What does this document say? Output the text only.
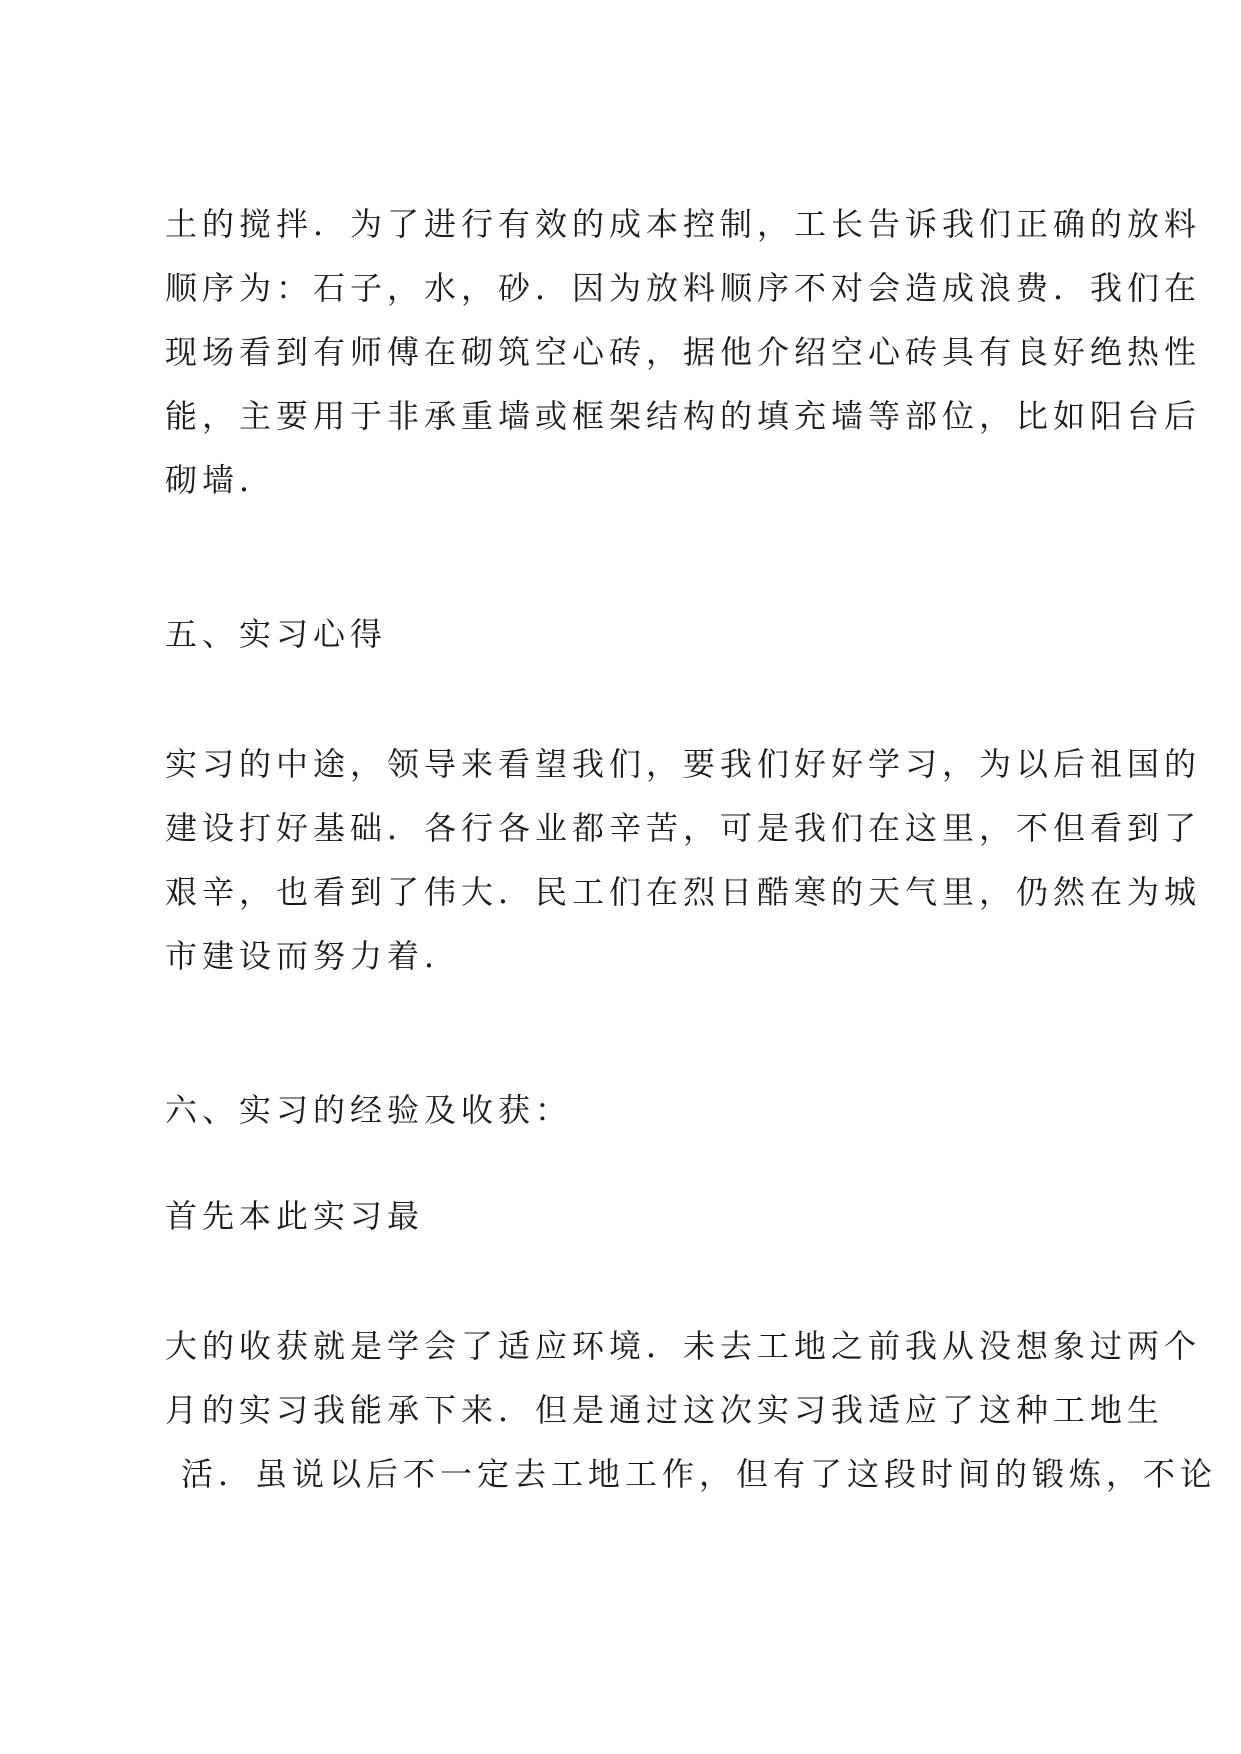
土的搅拌．为了进行有效的成本控制，工长告诉我们正确的放料
顺序为：石子，水，砂．因为放料顺序不对会造成浪费．我们在
现场看到有师傅在砌筑空心砖，据他介绍空心砖具有良好绝热性
能，主要用于非承重墙或框架结构的填充墙等部位，比如阳台后
砌墙．
五、实习心得
实习的中途，领导来看望我们，要我们好好学习，为以后祖国的
建设打好基础．各行各业都辛苦，可是我们在这里，不但看到了
艰辛，也看到了伟大．民工们在烈日酷寒的天气里，仍然在为城
市建设而努力着．
六、实习的经验及收获：
首先本此实习最
大的收获就是学会了适应环境．未去工地之前我从没想象过两个
月的实习我能承下来．但是通过这次实习我适应了这种工地生
活．虽说以后不一定去工地工作，但有了这段时间的锻炼，不论
